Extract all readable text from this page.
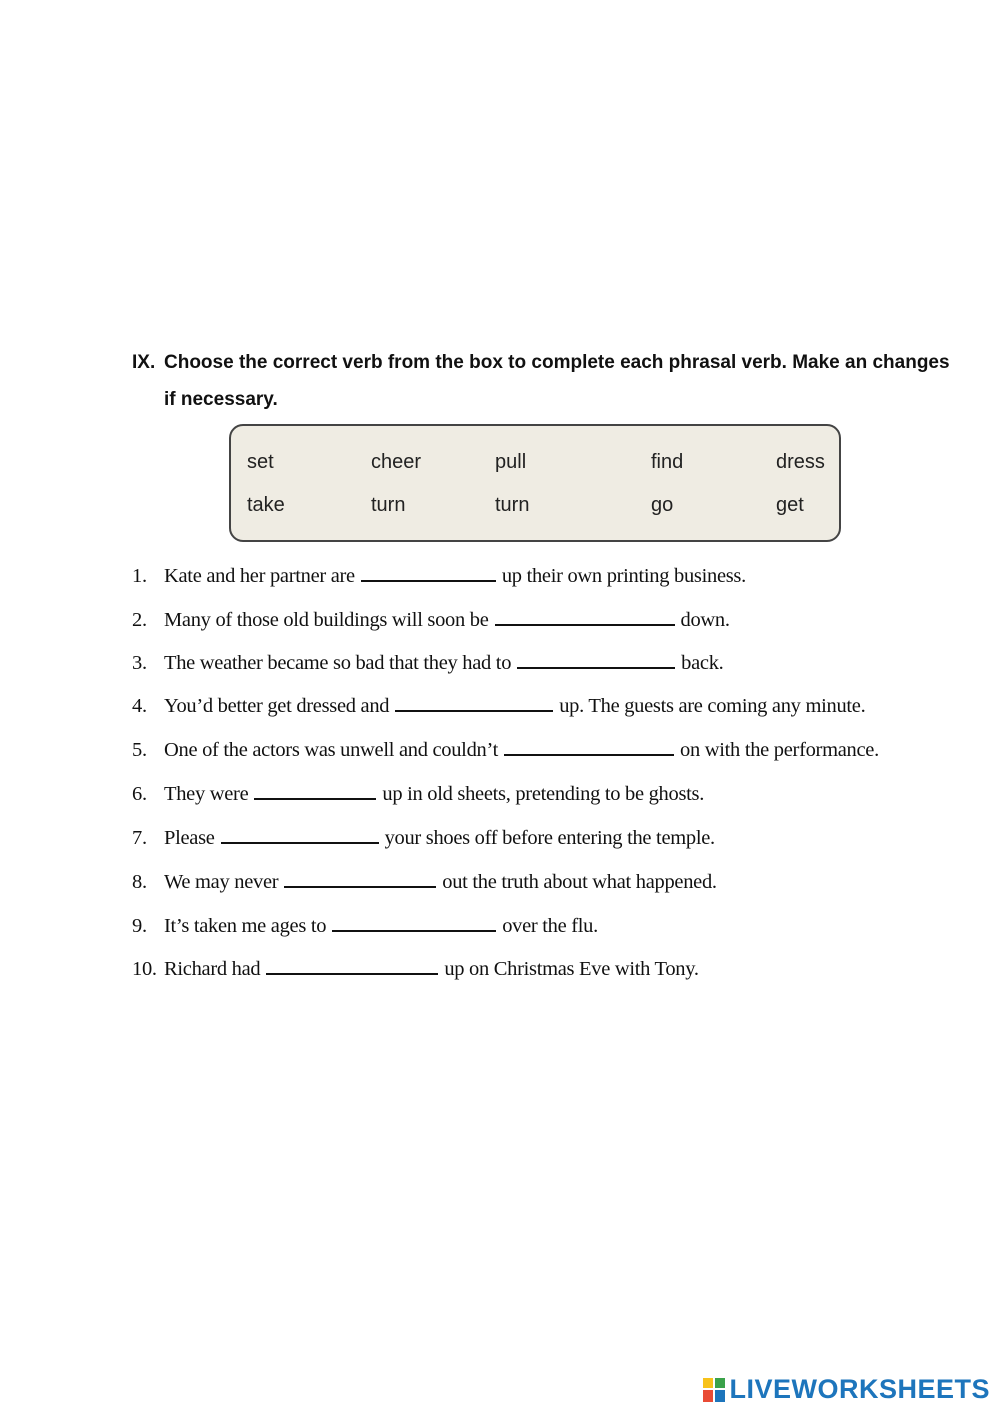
IX. Choose the correct verb from the box to complete each phrasal verb. Make an changes if necessary.
set	cheer	pull	find	dress
take	turn	turn	go	get
1. Kate and her partner are	up their own printing business.
2. Many of those old buildings will soon be	down.
3. The weather became so bad that they had to	back.
4. You’d better get dressed and	up. The guests are coming any minute.
5. One of the actors was unwell and couldn’t	on with the performance.
6. They were	up in old sheets, pretending to be ghosts.
7. Please	your shoes off before entering the temple.
8. We may never	out the truth about what happened.
9. It’s taken me ages to	over the flu.
10. Richard had	up on Christmas Eve with Tony.
LIVEWORKSHEETS
